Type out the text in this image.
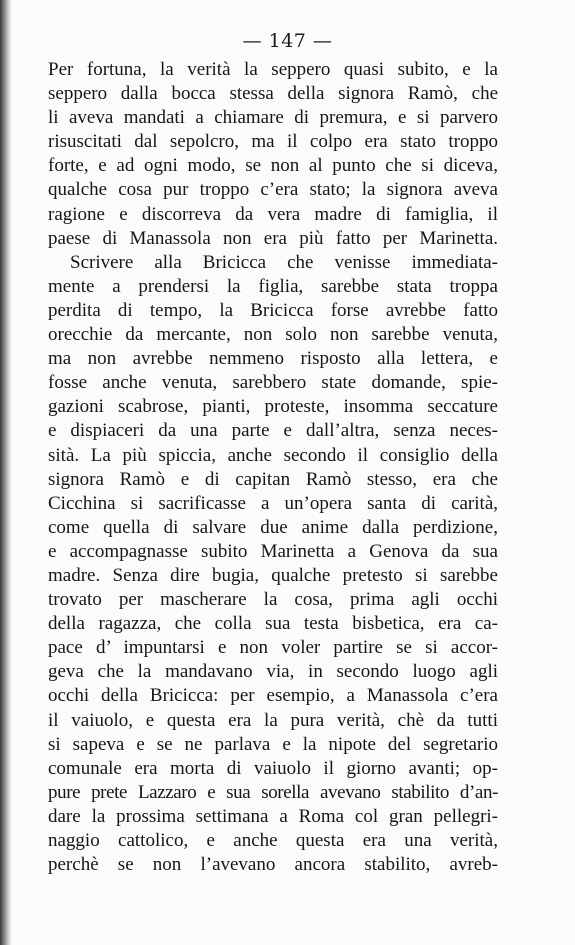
— 147 —
Per fortuna, la verità la seppero quasi subito, e la
seppero dalla bocca stessa della signora Ramò, che
li aveva mandati a chiamare di premura, e si parvero
risuscitati dal sepolcro, ma il colpo era stato troppo
forte, e ad ogni modo, se non al punto che si diceva,
qualche cosa pur troppo c’era stato; la signora aveva
ragione e discorreva da vera madre di famiglia, il
paese di Manassola non era più fatto per Marinetta.
Scrivere alla Bricicca che venisse immediata-
mente a prendersi la figlia, sarebbe stata troppa
perdita di tempo, la Bricicca forse avrebbe fatto
orecchie da mercante, non solo non sarebbe venuta,
ma non avrebbe nemmeno risposto alla lettera, e
fosse anche venuta, sarebbero state domande, spie-
gazioni scabrose, pianti, proteste, insomma seccature
e dispiaceri da una parte e dall’altra, senza neces-
sità. La più spiccia, anche secondo il consiglio della
signora Ramò e di capitan Ramò stesso, era che
Cicchina si sacrificasse a un’opera santa di carità,
come quella di salvare due anime dalla perdizione,
e accompagnasse subito Marinetta a Genova da sua
madre. Senza dire bugia, qualche pretesto si sarebbe
trovato per mascherare la cosa, prima agli occhi
della ragazza, che colla sua testa bisbetica, era ca-
pace d’ impuntarsi e non voler partire se si accor-
geva che la mandavano via, in secondo luogo agli
occhi della Bricicca: per esempio, a Manassola c’era
il vaiuolo, e questa era la pura verità, chè da tutti
si sapeva e se ne parlava e la nipote del segretario
comunale era morta di vaiuolo il giorno avanti; op-
pure prete Lazzaro e sua sorella avevano stabilito d’an-
dare la prossima settimana a Roma col gran pellegri-
naggio cattolico, e anche questa era una verità,
perchè se non l’avevano ancora stabilito, avreb-
